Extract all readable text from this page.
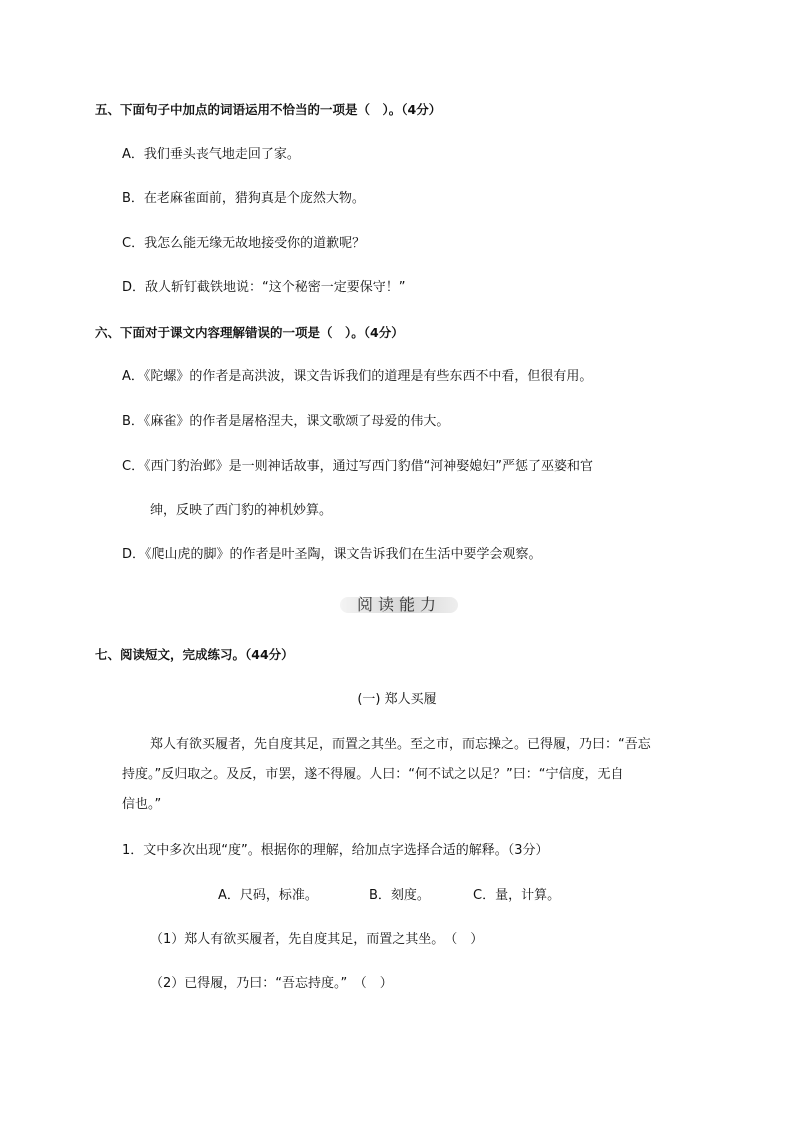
五、下面句子中加点的词语运用不恰当的一项是（　）。（4分）
A．我们垂头丧气地走回了家。
B．在老麻雀面前，猎狗真是个庞然大物。
C．我怎么能无缘无故地接受你的道歉呢？
D．敌人斩钉截铁地说：“这个秘密一定要保守！”
六、下面对于课文内容理解错误的一项是（　）。（4分）
A．《陀螺》的作者是高洪波，课文告诉我们的道理是有些东西不中看，但很有用。
B．《麻雀》的作者是屠格涅夫，课文歌颂了母爱的伟大。
C．《西门豹治邺》是一则神话故事，通过写西门豹借“河神娶媳妇”严惩了巫婆和官
绅，反映了西门豹的神机妙算。
D．《爬山虎的脚》的作者是叶圣陶，课文告诉我们在生活中要学会观察。
阅读能力
七、阅读短文，完成练习。（44分）
(一) 郑人买履
郑人有欲买履者，先自度其足，而置之其坐。至之市，而忘操之。已得履，乃曰：“吾忘
持度。”反归取之。及反，市罢，遂不得履。人曰：“何不试之以足？”曰：“宁信度，无自
信也。”
1．文中多次出现“度”。根据你的理解，给加点字选择合适的解释。（3分）
A．尺码，标准。	B．刻度。	C．量，计算。
（1）郑人有欲买履者，先自度其足，而置之其坐。　（　）
（2）已得履，乃曰：“吾忘持度。”　（　）
